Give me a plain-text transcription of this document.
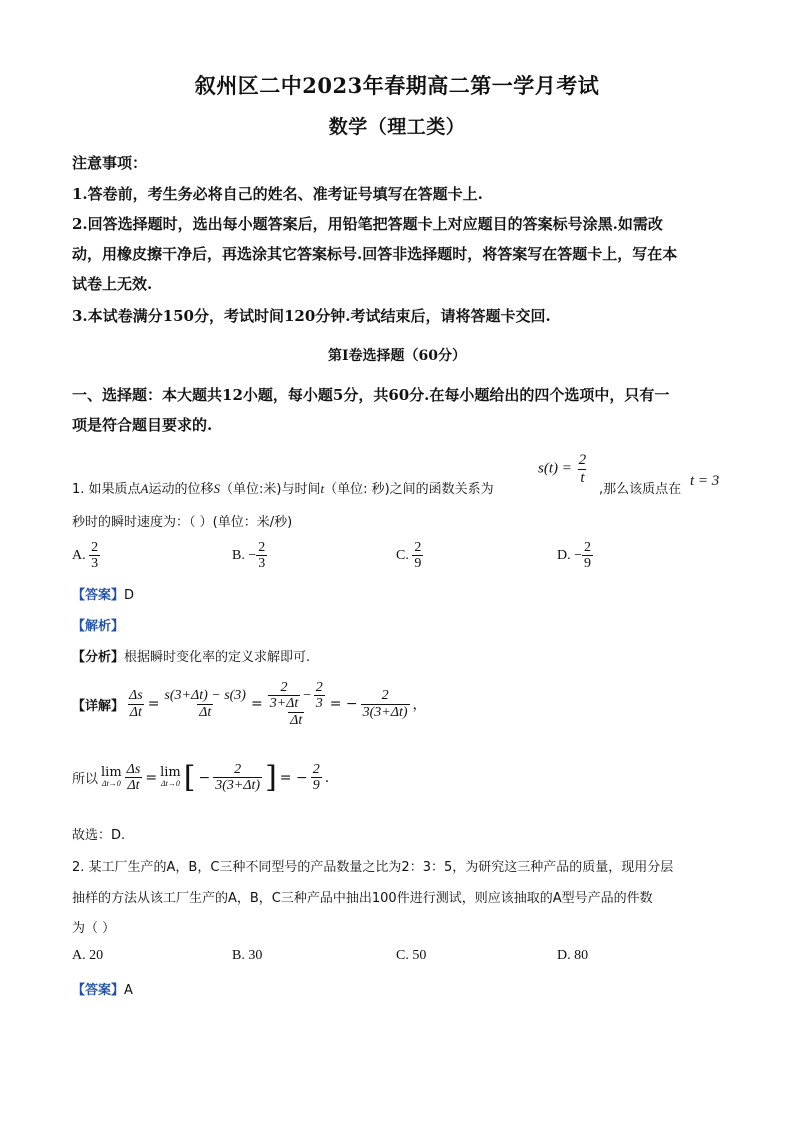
叙州区二中2023年春期高二第一学月考试
数学（理工类）
注意事项：
1.答卷前，考生务必将自己的姓名、准考证号填写在答题卡上.
2.回答选择题时，选出每小题答案后，用铅笔把答题卡上对应题目的答案标号涂黑.如需改
动，用橡皮擦干净后，再选涂其它答案标号.回答非选择题时，将答案写在答题卡上，写在本
试卷上无效.
3.本试卷满分150分，考试时间120分钟.考试结束后，请将答题卡交回.
第Ⅰ卷选择题（60分）
一、选择题：本大题共12小题，每小题5分，共60分.在每小题给出的四个选项中，只有一
项是符合题目要求的.
1. 如果质点A运动的位移S（单位:米)与时间t（单位: 秒)之间的函数关系为
$s(t) = \frac{2}{t}$
,那么该质点在
t = 3
秒时的瞬时速度为：（ ）(单位：米/秒)
A. $\frac{2}{3}$	B. − $\frac{2}{3}$	C. $\frac{2}{9}$	D. − $\frac{2}{9}$
【答案】D
【解析】
【分析】根据瞬时变化率的定义求解即可.
【详解】 $\frac{\Delta s}{\Delta t} = \frac{s(3+\Delta t) - s(3)}{\Delta t} = \frac{\frac{2}{3+\Delta t} - \frac{2}{3}}{\Delta t}$ = − $\frac{2}{3(3+\Delta t)}$ ，
所以 lim
$\Delta t\to 0 \frac{\Delta s}{\Delta t} = \lim$
Δt→0 [ − $\frac{2}{3(3+\Delta t)}$ ] = − $\frac{2}{9}$ .
故选：D.
2. 某工厂生产的A，B，C三种不同型号的产品数量之比为2：3：5，为研究这三种产品的质量，现用分层
抽样的方法从该工厂生产的A，B，C三种产品中抽出100件进行测试，则应该抽取的A型号产品的件数
为（ ）
A. 20	B. 30	C. 50	D. 80
【答案】A
